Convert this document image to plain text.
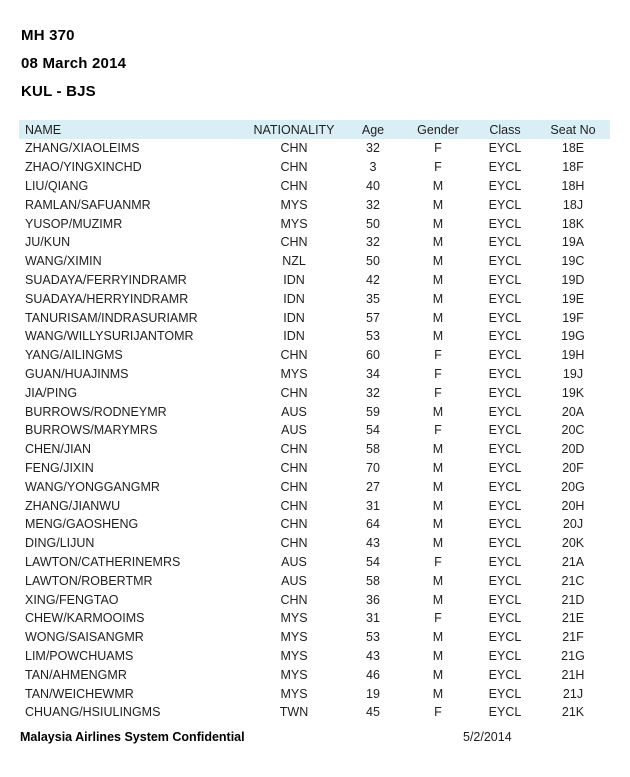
MH 370
08 March 2014
KUL - BJS
NAME	NATIONALITY	Age	Gender	Class	Seat No
ZHANG/XIAOLEIMS	CHN	32	F	EYCL	18E
ZHAO/YINGXINCHD	CHN	3	F	EYCL	18F
LIU/QIANG	CHN	40	M	EYCL	18H
RAMLAN/SAFUANMR	MYS	32	M	EYCL	18J
YUSOP/MUZIMR	MYS	50	M	EYCL	18K
JU/KUN	CHN	32	M	EYCL	19A
WANG/XIMIN	NZL	50	M	EYCL	19C
SUADAYA/FERRYINDRAMR	IDN	42	M	EYCL	19D
SUADAYA/HERRYINDRAMR	IDN	35	M	EYCL	19E
TANURISAM/INDRASURIAMR	IDN	57	M	EYCL	19F
WANG/WILLYSURIJANTOMR	IDN	53	M	EYCL	19G
YANG/AILINGMS	CHN	60	F	EYCL	19H
GUAN/HUAJINMS	MYS	34	F	EYCL	19J
JIA/PING	CHN	32	F	EYCL	19K
BURROWS/RODNEYMR	AUS	59	M	EYCL	20A
BURROWS/MARYMRS	AUS	54	F	EYCL	20C
CHEN/JIAN	CHN	58	M	EYCL	20D
FENG/JIXIN	CHN	70	M	EYCL	20F
WANG/YONGGANGMR	CHN	27	M	EYCL	20G
ZHANG/JIANWU	CHN	31	M	EYCL	20H
MENG/GAOSHENG	CHN	64	M	EYCL	20J
DING/LIJUN	CHN	43	M	EYCL	20K
LAWTON/CATHERINEMRS	AUS	54	F	EYCL	21A
LAWTON/ROBERTMR	AUS	58	M	EYCL	21C
XING/FENGTAO	CHN	36	M	EYCL	21D
CHEW/KARMOOIMS	MYS	31	F	EYCL	21E
WONG/SAISANGMR	MYS	53	M	EYCL	21F
LIM/POWCHUAMS	MYS	43	M	EYCL	21G
TAN/AHMENGMR	MYS	46	M	EYCL	21H
TAN/WEICHEWMR	MYS	19	M	EYCL	21J
CHUANG/HSIULINGMS	TWN	45	F	EYCL	21K
Malaysia Airlines System Confidential	5/2/2014
